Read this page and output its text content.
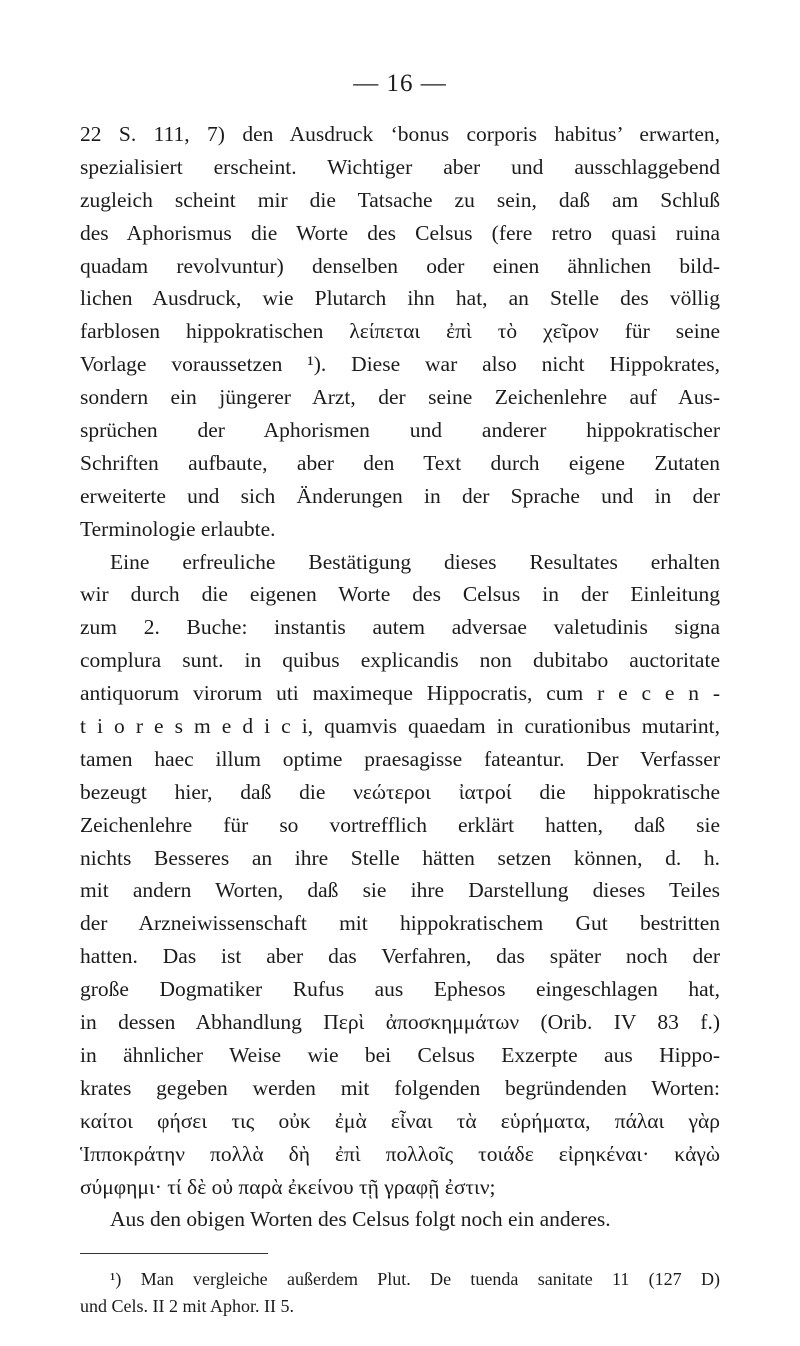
— 16 —
22 S. 111, 7) den Ausdruck ‘bonus corporis habitus’ erwarten,
spezialisiert erscheint. Wichtiger aber und ausschlaggebend
zugleich scheint mir die Tatsache zu sein, daß am Schluß
des Aphorismus die Worte des Celsus (fere retro quasi ruina
quadam revolvuntur) denselben oder einen ähnlichen bild-
lichen Ausdruck, wie Plutarch ihn hat, an Stelle des völlig
farblosen hippokratischen λείπεται ἐπὶ τὸ χεῖρον für seine
Vorlage voraussetzen ¹). Diese war also nicht Hippokrates,
sondern ein jüngerer Arzt, der seine Zeichenlehre auf Aus-
sprüchen der Aphorismen und anderer hippokratischer
Schriften aufbaute, aber den Text durch eigene Zutaten
erweiterte und sich Änderungen in der Sprache und in der
Terminologie erlaubte.
Eine erfreuliche Bestätigung dieses Resultates erhalten
wir durch die eigenen Worte des Celsus in der Einleitung
zum 2. Buche: instantis autem adversae valetudinis signa
complura sunt. in quibus explicandis non dubitabo auctoritate
antiquorum virorum uti maximeque Hippocratis, cum r e c e n -
t i o r e s m e d i c i, quamvis quaedam in curationibus mutarint,
tamen haec illum optime praesagisse fateantur. Der Verfasser
bezeugt hier, daß die νεώτεροι ἰατροί die hippokratische
Zeichenlehre für so vortrefflich erklärt hatten, daß sie
nichts Besseres an ihre Stelle hätten setzen können, d. h.
mit andern Worten, daß sie ihre Darstellung dieses Teiles
der Arzneiwissenschaft mit hippokratischem Gut bestritten
hatten. Das ist aber das Verfahren, das später noch der
große Dogmatiker Rufus aus Ephesos eingeschlagen hat,
in dessen Abhandlung Περὶ ἀποσκημμάτων (Orib. IV 83 f.)
in ähnlicher Weise wie bei Celsus Exzerpte aus Hippo-
krates gegeben werden mit folgenden begründenden Worten:
καίτοι φήσει τις οὐκ ἐμὰ εἶναι τὰ εὑρήματα, πάλαι γὰρ
Ἱπποκράτην πολλὰ δὴ ἐπὶ πολλοῖς τοιάδε εἰρηκέναι· κἀγὼ
σύμφημι· τί δὲ οὐ παρὰ ἐκείνου τῇ γραφῇ ἐστιν;
Aus den obigen Worten des Celsus folgt noch ein anderes.
¹) Man vergleiche außerdem Plut. De tuenda sanitate 11 (127 D)
und Cels. II 2 mit Aphor. II 5.
